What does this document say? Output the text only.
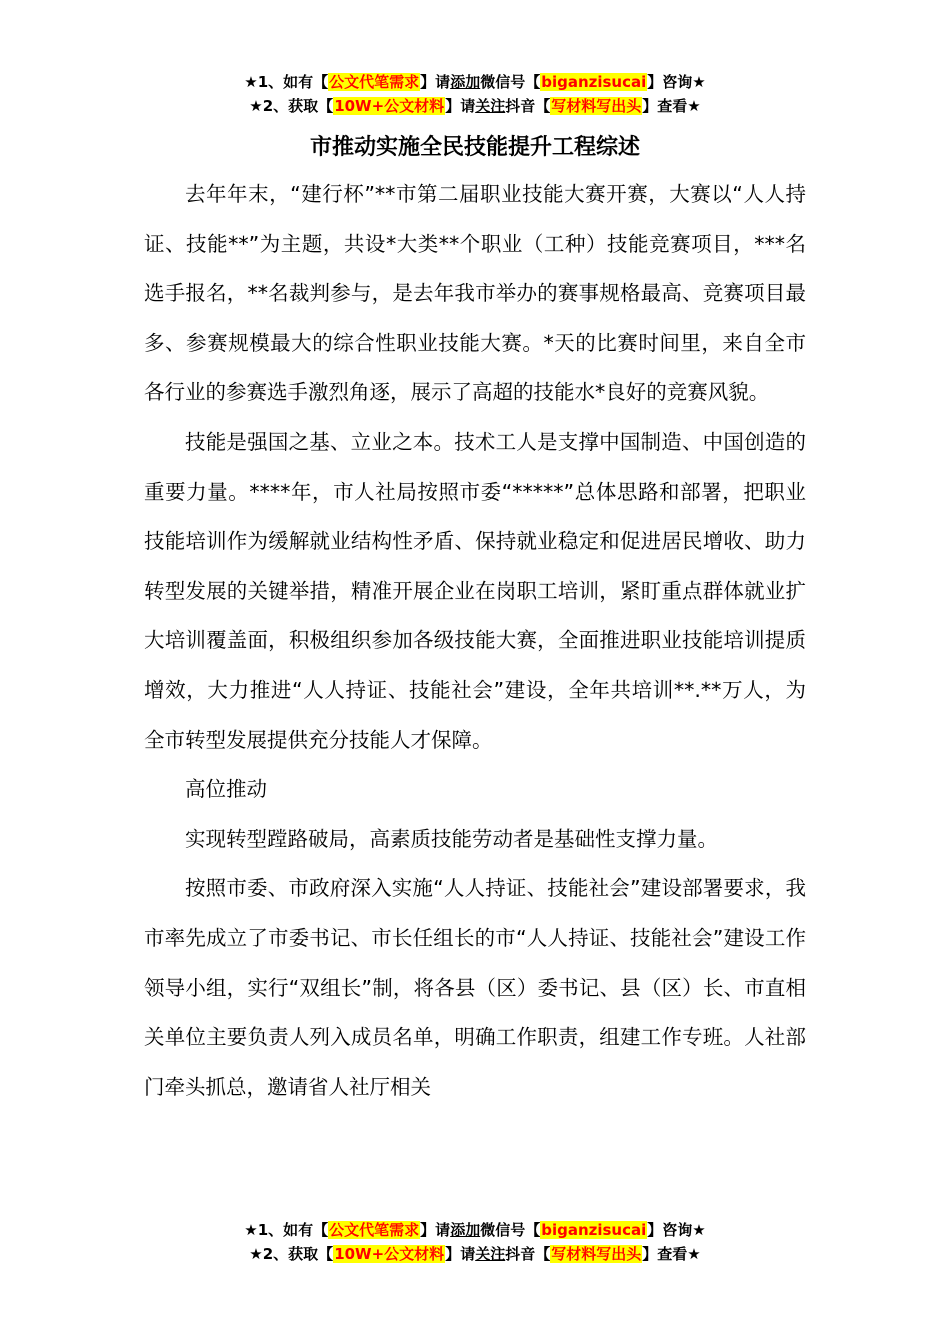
★1、如有【公文代笔需求】请添加微信号【biganzisucai】咨询★
★2、获取【10W+公文材料】请关注抖音【写材料写出头】查看★
市推动实施全民技能提升工程综述

去年年末，“建行杯”**市第二届职业技能大赛开赛，大赛以“人人持证、技能**”为主题，共设*大类**个职业（工种）技能竞赛项目，***名选手报名，**名裁判参与，是去年我市举办的赛事规格最高、竞赛项目最多、参赛规模最大的综合性职业技能大赛。*天的比赛时间里，来自全市各行业的参赛选手激烈角逐，展示了高超的技能水*良好的竞赛风貌。

技能是强国之基、立业之本。技术工人是支撑中国制造、中国创造的重要力量。****年，市人社局按照市委“*****”总体思路和部署，把职业技能培训作为缓解就业结构性矛盾、保持就业稳定和促进居民增收、助力转型发展的关键举措，精准开展企业在岗职工培训，紧盯重点群体就业扩大培训覆盖面，积极组织参加各级技能大赛，全面推进职业技能培训提质增效，大力推进“人人持证、技能社会”建设，全年共培训**.**万人，为全市转型发展提供充分技能人才保障。

高位推动

实现转型蹚路破局，高素质技能劳动者是基础性支撑力量。

按照市委、市政府深入实施“人人持证、技能社会”建设部署要求，我市率先成立了市委书记、市长任组长的市“人人持证、技能社会”建设工作领导小组，实行“双组长”制，将各县（区）委书记、县（区）长、市直相关单位主要负责人列入成员名单，明确工作职责，组建工作专班。人社部门牵头抓总，邀请省人社厅相关

★1、如有【公文代笔需求】请添加微信号【biganzisucai】咨询★
★2、获取【10W+公文材料】请关注抖音【写材料写出头】查看★
